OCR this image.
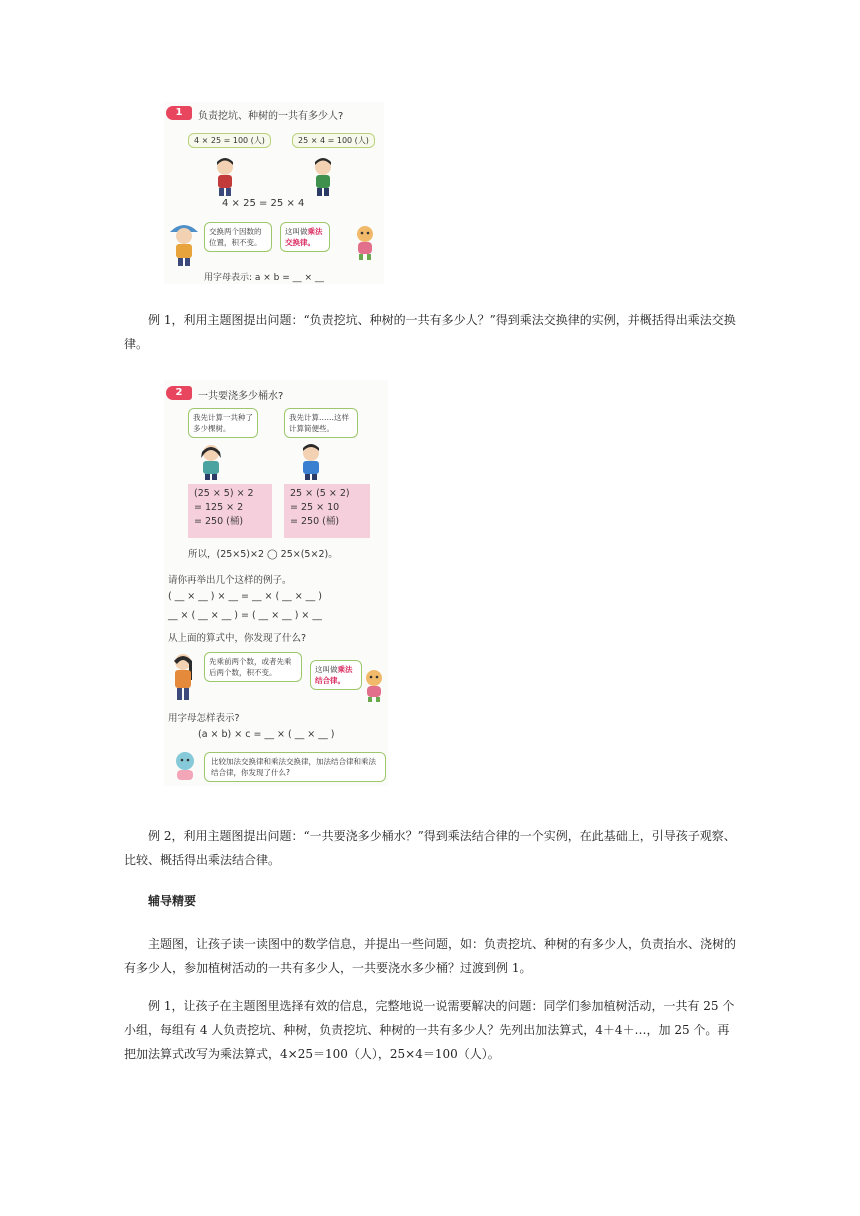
1	负责挖坑、种树的一共有多少人?
4 × 25 = 100 (人)	25 × 4 = 100 (人)
4 × 25 = 25 × 4
交换两个因数的位置，积不变。
这叫做乘法交换律。
用字母表示: a × b = __ × __

例 1，利用主题图提出问题：“负责挖坑、种树的一共有多少人？”得到乘法交换律的实例，并概括得出乘法交换律。

2	一共要浇多少桶水?
我先计算一共种了多少棵树。
我先计算……这样计算简便些。
(25 × 5) × 2
= 125 × 2
= 250 (桶)
25 × (5 × 2)
= 25 × 10
= 250 (桶)
所以，(25×5)×2 ◯ 25×(5×2)。
请你再举出几个这样的例子。
( __ × __ ) × __ = __ × ( __ × __ )
__ × ( __ × __ ) = ( __ × __ ) × __
从上面的算式中，你发现了什么?
先乘前两个数，或者先乘后两个数，积不变。	这叫做乘法结合律。
用字母怎样表示?
(a × b) × c = __ × ( __ × __ )
比较加法交换律和乘法交换律，加法结合律和乘法结合律，你发现了什么?

例 2，利用主题图提出问题：“一共要浇多少桶水？”得到乘法结合律的一个实例，在此基础上，引导孩子观察、比较、概括得出乘法结合律。

辅导精要

主题图，让孩子读一读图中的数学信息，并提出一些问题，如：负责挖坑、种树的有多少人，负责抬水、浇树的有多少人，参加植树活动的一共有多少人，一共要浇水多少桶？过渡到例 1。

例 1，让孩子在主题图里选择有效的信息，完整地说一说需要解决的问题：同学们参加植树活动，一共有 25 个小组，每组有 4 人负责挖坑、种树，负责挖坑、种树的一共有多少人？先列出加法算式，4＋4＋…，加 25 个。再把加法算式改写为乘法算式，4×25＝100（人），25×4＝100（人）。
